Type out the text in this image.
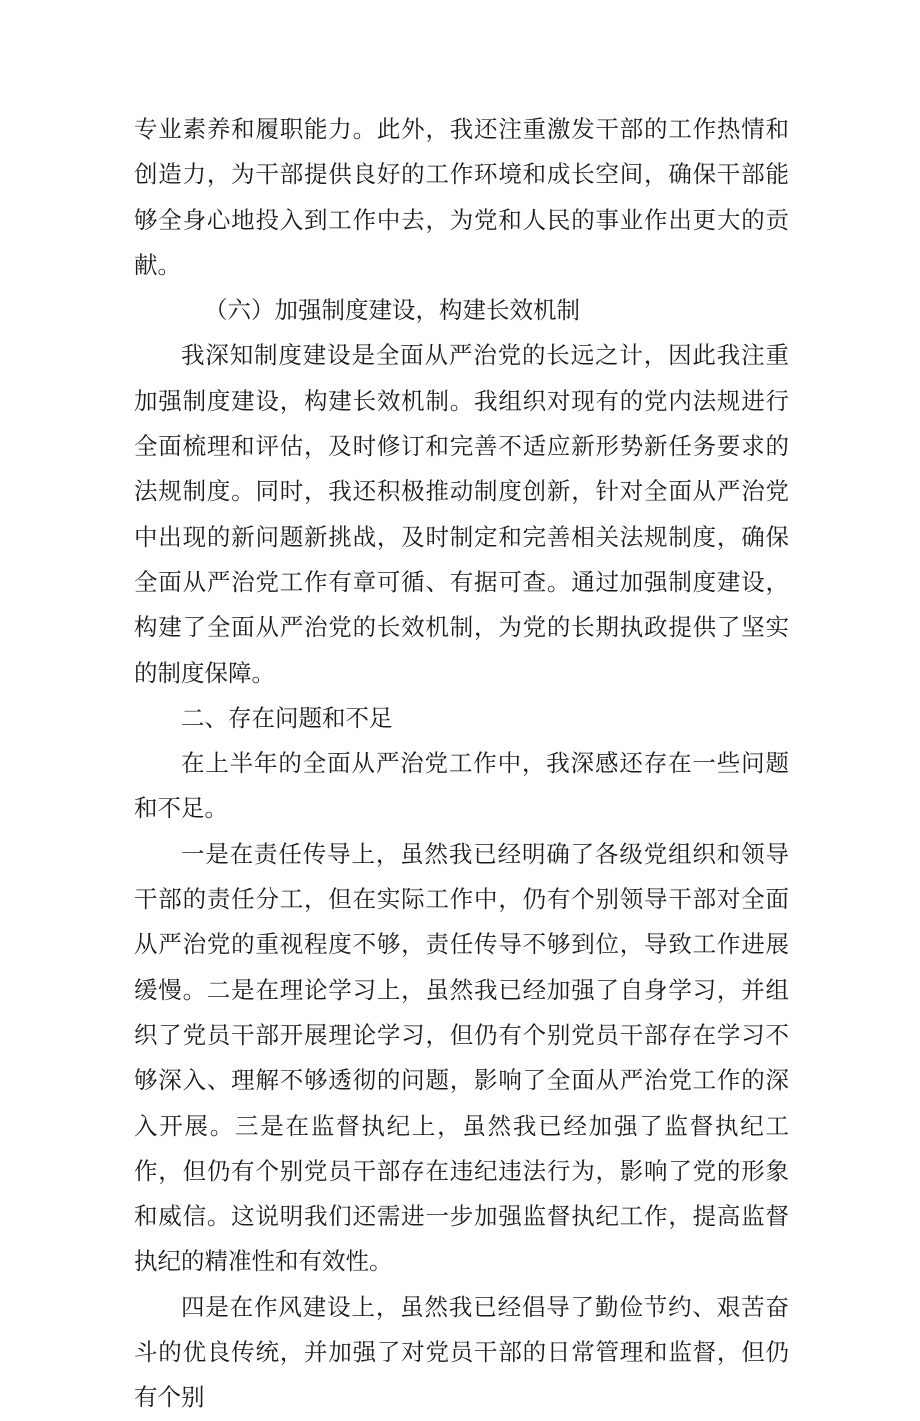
专业素养和履职能力。此外，我还注重激发干部的工作热情和创造力，为干部提供良好的工作环境和成长空间，确保干部能够全身心地投入到工作中去，为党和人民的事业作出更大的贡献。

（六）加强制度建设，构建长效机制

我深知制度建设是全面从严治党的长远之计，因此我注重加强制度建设，构建长效机制。我组织对现有的党内法规进行全面梳理和评估，及时修订和完善不适应新形势新任务要求的法规制度。同时，我还积极推动制度创新，针对全面从严治党中出现的新问题新挑战，及时制定和完善相关法规制度，确保全面从严治党工作有章可循、有据可查。通过加强制度建设，构建了全面从严治党的长效机制，为党的长期执政提供了坚实的制度保障。

二、存在问题和不足

在上半年的全面从严治党工作中，我深感还存在一些问题和不足。

一是在责任传导上，虽然我已经明确了各级党组织和领导干部的责任分工，但在实际工作中，仍有个别领导干部对全面从严治党的重视程度不够，责任传导不够到位，导致工作进展缓慢。二是在理论学习上，虽然我已经加强了自身学习，并组织了党员干部开展理论学习，但仍有个别党员干部存在学习不够深入、理解不够透彻的问题，影响了全面从严治党工作的深入开展。三是在监督执纪上，虽然我已经加强了监督执纪工作，但仍有个别党员干部存在违纪违法行为，影响了党的形象和威信。这说明我们还需进一步加强监督执纪工作，提高监督执纪的精准性和有效性。

四是在作风建设上，虽然我已经倡导了勤俭节约、艰苦奋斗的优良传统，并加强了对党员干部的日常管理和监督，但仍有个别
